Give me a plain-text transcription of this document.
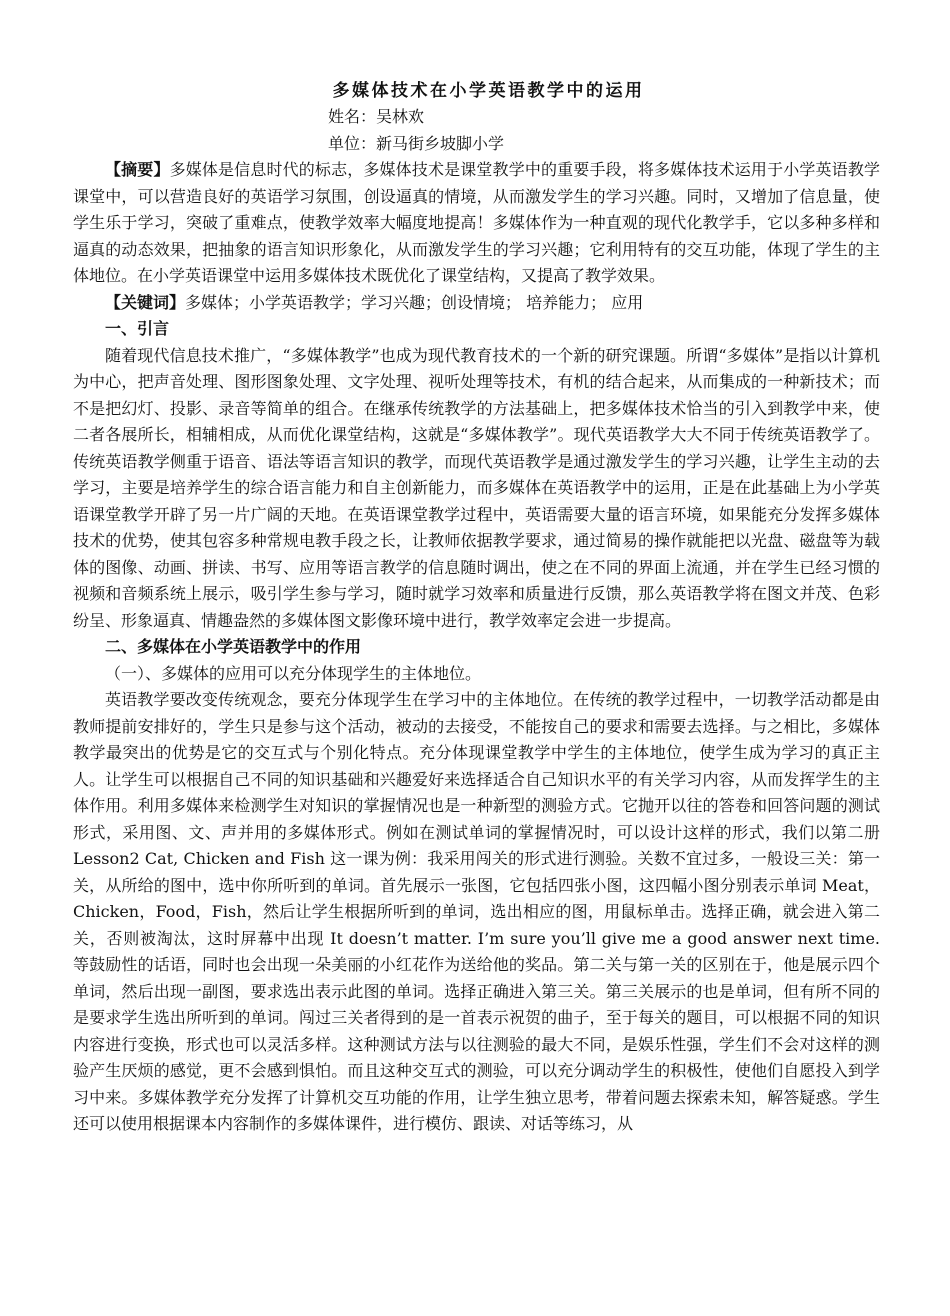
多媒体技术在小学英语教学中的运用

姓名：吴林欢

单位：新马街乡坡脚小学

【摘要】多媒体是信息时代的标志，多媒体技术是课堂教学中的重要手段，将多媒体技术运用于小学英语教学课堂中，可以营造良好的英语学习氛围，创设逼真的情境，从而激发学生的学习兴趣。同时，又增加了信息量，使学生乐于学习，突破了重难点，使教学效率大幅度地提高！多媒体作为一种直观的现代化教学手，它以多种多样和逼真的动态效果，把抽象的语言知识形象化，从而激发学生的学习兴趣；它利用特有的交互功能，体现了学生的主体地位。在小学英语课堂中运用多媒体技术既优化了课堂结构，又提高了教学效果。

【关键词】多媒体；小学英语教学；学习兴趣；创设情境； 培养能力； 应用

一、引言

随着现代信息技术推广，“多媒体教学”也成为现代教育技术的一个新的研究课题。所谓“多媒体”是指以计算机为中心，把声音处理、图形图象处理、文字处理、视听处理等技术，有机的结合起来，从而集成的一种新技术；而不是把幻灯、投影、录音等简单的组合。在继承传统教学的方法基础上，把多媒体技术恰当的引入到教学中来，使二者各展所长，相辅相成，从而优化课堂结构，这就是“多媒体教学”。现代英语教学大大不同于传统英语教学了。传统英语教学侧重于语音、语法等语言知识的教学，而现代英语教学是通过激发学生的学习兴趣，让学生主动的去学习，主要是培养学生的综合语言能力和自主创新能力，而多媒体在英语教学中的运用，正是在此基础上为小学英语课堂教学开辟了另一片广阔的天地。在英语课堂教学过程中，英语需要大量的语言环境，如果能充分发挥多媒体技术的优势，使其包容多种常规电教手段之长，让教师依据教学要求，通过简易的操作就能把以光盘、磁盘等为载体的图像、动画、拼读、书写、应用等语言教学的信息随时调出，使之在不同的界面上流通，并在学生已经习惯的视频和音频系统上展示，吸引学生参与学习，随时就学习效率和质量进行反馈，那么英语教学将在图文并茂、色彩纷呈、形象逼真、情趣盎然的多媒体图文影像环境中进行，教学效率定会进一步提高。

二、多媒体在小学英语教学中的作用

（一）、多媒体的应用可以充分体现学生的主体地位。

英语教学要改变传统观念，要充分体现学生在学习中的主体地位。在传统的教学过程中，一切教学活动都是由教师提前安排好的，学生只是参与这个活动，被动的去接受，不能按自己的要求和需要去选择。与之相比，多媒体教学最突出的优势是它的交互式与个别化特点。充分体现课堂教学中学生的主体地位，使学生成为学习的真正主人。让学生可以根据自己不同的知识基础和兴趣爱好来选择适合自己知识水平的有关学习内容，从而发挥学生的主体作用。利用多媒体来检测学生对知识的掌握情况也是一种新型的测验方式。它抛开以往的答卷和回答问题的测试形式，采用图、文、声并用的多媒体形式。例如在测试单词的掌握情况时，可以设计这样的形式，我们以第二册 Lesson2 Cat, Chicken and Fish 这一课为例：我采用闯关的形式进行测验。关数不宜过多，一般设三关：第一关，从所给的图中，选中你所听到的单词。首先展示一张图，它包括四张小图，这四幅小图分别表示单词 Meat，Chicken，Food，Fish，然后让学生根据所听到的单词，选出相应的图，用鼠标单击。选择正确，就会进入第二关，否则被淘汰，这时屏幕中出现 It doesn’t matter. I’m sure you’ll give me a good answer next time. 等鼓励性的话语，同时也会出现一朵美丽的小红花作为送给他的奖品。第二关与第一关的区别在于，他是展示四个单词，然后出现一副图，要求选出表示此图的单词。选择正确进入第三关。第三关展示的也是单词，但有所不同的是要求学生选出所听到的单词。闯过三关者得到的是一首表示祝贺的曲子，至于每关的题目，可以根据不同的知识内容进行变换，形式也可以灵活多样。这种测试方法与以往测验的最大不同，是娱乐性强，学生们不会对这样的测验产生厌烦的感觉，更不会感到惧怕。而且这种交互式的测验，可以充分调动学生的积极性，使他们自愿投入到学习中来。多媒体教学充分发挥了计算机交互功能的作用，让学生独立思考，带着问题去探索未知，解答疑惑。学生还可以使用根据课本内容制作的多媒体课件，进行模仿、跟读、对话等练习，从
